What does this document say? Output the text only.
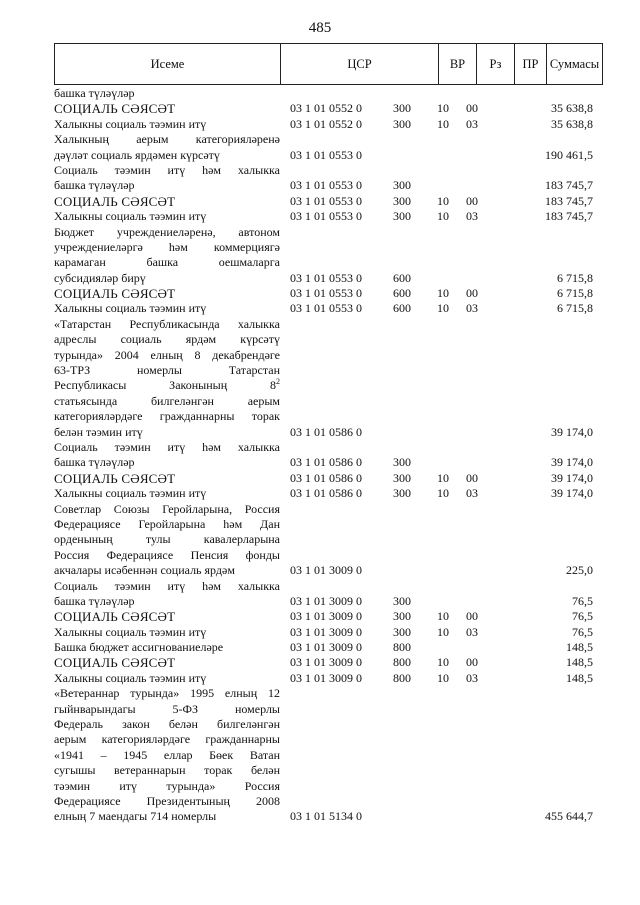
485
Исеме	ЦСР	ВР	Рз	ПР Суммасы
башка түләүләр
СОЦИАЛЬ СӘЯСӘТ	03 1 01 0552 0	300 10 00	35 638,8
Халыкны социаль тәэмин итү	03 1 01 0552 0	300 10 03	35 638,8
Халыкның аерым категорияләренә
дәүләт социаль ярдәмен күрсәтү	03 1 01 0553 0	190 461,5
Социаль тәэмин итү һәм халыкка
башка түләүләр	03 1 01 0553 0	300	183 745,7
СОЦИАЛЬ СӘЯСӘТ	03 1 01 0553 0	300 10 00	183 745,7
Халыкны социаль тәэмин итү	03 1 01 0553 0	300 10 03	183 745,7
Бюджет учреждениеләренә, автоном
учреждениеләргә һәм коммерциягә
карамаган башка оешмаларга
субсидияләр бирү	03 1 01 0553 0	600	6 715,8
СОЦИАЛЬ СӘЯСӘТ	03 1 01 0553 0	600 10 00	6 715,8
Халыкны социаль тәэмин итү	03 1 01 0553 0	600 10 03	6 715,8
«Татарстан Республикасында халыкка
адреслы социаль ярдәм күрсәтү
турында» 2004 елның 8 декабрендәге
63-ТРЗ номерлы Татарстан
Республикасы Законының $8^2$
статьясында билгеләнгән аерым
категорияләрдәге гражданнарны торак
белән тәэмин итү	03 1 01 0586 0	39 174,0
Социаль тәэмин итү һәм халыкка
башка түләүләр	03 1 01 0586 0	300	39 174,0
СОЦИАЛЬ СӘЯСӘТ	03 1 01 0586 0	300 10 00	39 174,0
Халыкны социаль тәэмин итү	03 1 01 0586 0	300 10 03	39 174,0
Советлар Союзы Геройларына, Россия
Федерациясе Геройларына һәм Дан
орденының тулы кавалерларына
Россия Федерациясе Пенсия фонды
акчалары исәбеннән социаль ярдәм	03 1 01 3009 0	225,0
Социаль тәэмин итү һәм халыкка
башка түләүләр	03 1 01 3009 0	300	76,5
СОЦИАЛЬ СӘЯСӘТ	03 1 01 3009 0	300 10 00	76,5
Халыкны социаль тәэмин итү	03 1 01 3009 0	300 10 03	76,5
Башка бюджет ассигнованиеләре	03 1 01 3009 0	800	148,5
СОЦИАЛЬ СӘЯСӘТ	03 1 01 3009 0	800 10 00	148,5
Халыкны социаль тәэмин итү	03 1 01 3009 0	800 10 03	148,5
«Ветераннар турында» 1995 елның 12
гыйнварындагы 5-ФЗ номерлы
Федераль закон белән билгеләнгән
аерым категорияләрдәге гражданнарны
«1941 – 1945 еллар Бөек Ватан
сугышы ветераннарын торак белән
тәэмин итү турында» Россия
Федерациясе Президентының 2008
елның 7 маендагы 714 номерлы	03 1 01 5134 0	455 644,7
